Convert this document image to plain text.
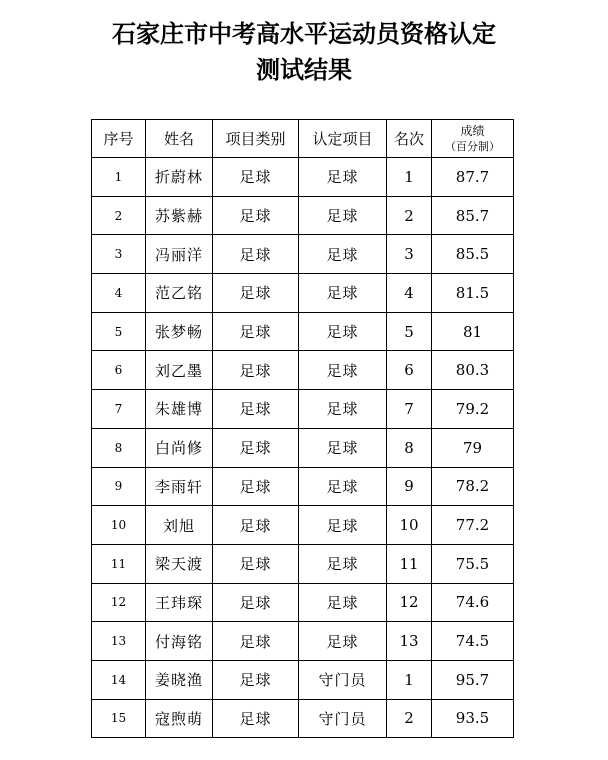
石家庄市中考高水平运动员资格认定
测试结果
序号	姓名	项目类别	认定项目	名次	成绩
（百分制）

1	折蔚林	足球	足球	1	87.7
2	苏紫赫	足球	足球	2	85.7
3	冯丽洋	足球	足球	3	85.5
4	范乙铭	足球	足球	4	81.5
5	张梦畅	足球	足球	5	81
6	刘乙墨	足球	足球	6	80.3
7	朱雄博	足球	足球	7	79.2
8	白尚修	足球	足球	8	79
9	李雨轩	足球	足球	9	78.2
10	刘旭	足球	足球	10	77.2
11	梁天渡	足球	足球	11	75.5
12	王玮琛	足球	足球	12	74.6
13	付海铭	足球	足球	13	74.5
14	姜晓渔	足球	守门员	1	95.7
15	寇煦萌	足球	守门员	2	93.5
